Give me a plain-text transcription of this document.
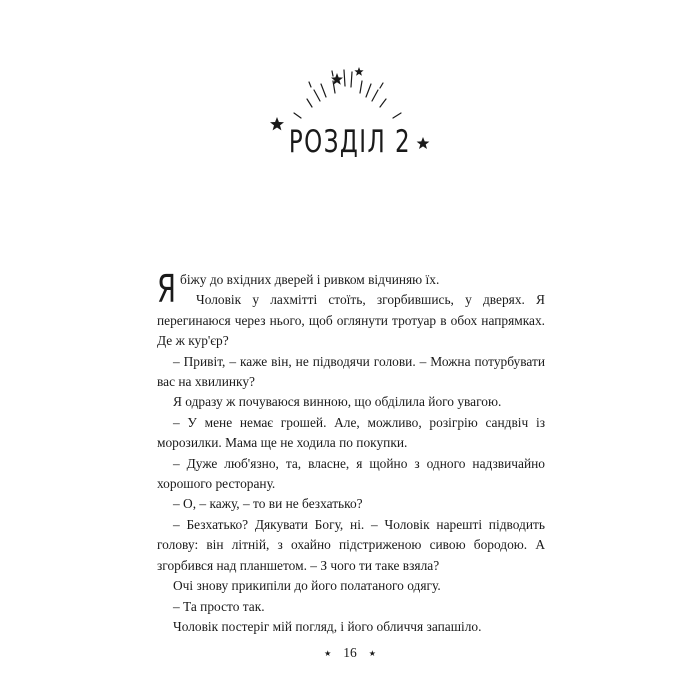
РОЗДІЛ 2

Я біжу до вхідних дверей і ривком відчиняю їх.

Чоловік у лахмітті стоїть, згорбившись, у дверях. Я перегинаюся через нього, щоб оглянути тротуар в обох напрямках. Де ж кур'єр?

– Привіт, – каже він, не підводячи голови. – Можна потурбувати вас на хвилинку?

Я одразу ж почуваюся винною, що обділила його увагою.

– У мене немає грошей. Але, можливо, розігрію сандвіч із морозилки. Мама ще не ходила по покупки.

– Дуже люб'язно, та, власне, я щойно з одного надзвичайно хорошого ресторану.

– О, – кажу, – то ви не безхатько?

– Безхатько? Дякувати Богу, ні. – Чоловік нарешті підводить голову: він літній, з охайно підстриженою сивою бородою. А згорбився над планшетом. – З чого ти таке взяла?

Очі знову прикипіли до його полатаного одягу.

– Та просто так.

Чоловік постеріг мій погляд, і його обличчя запашіло.

★ 16 ★
